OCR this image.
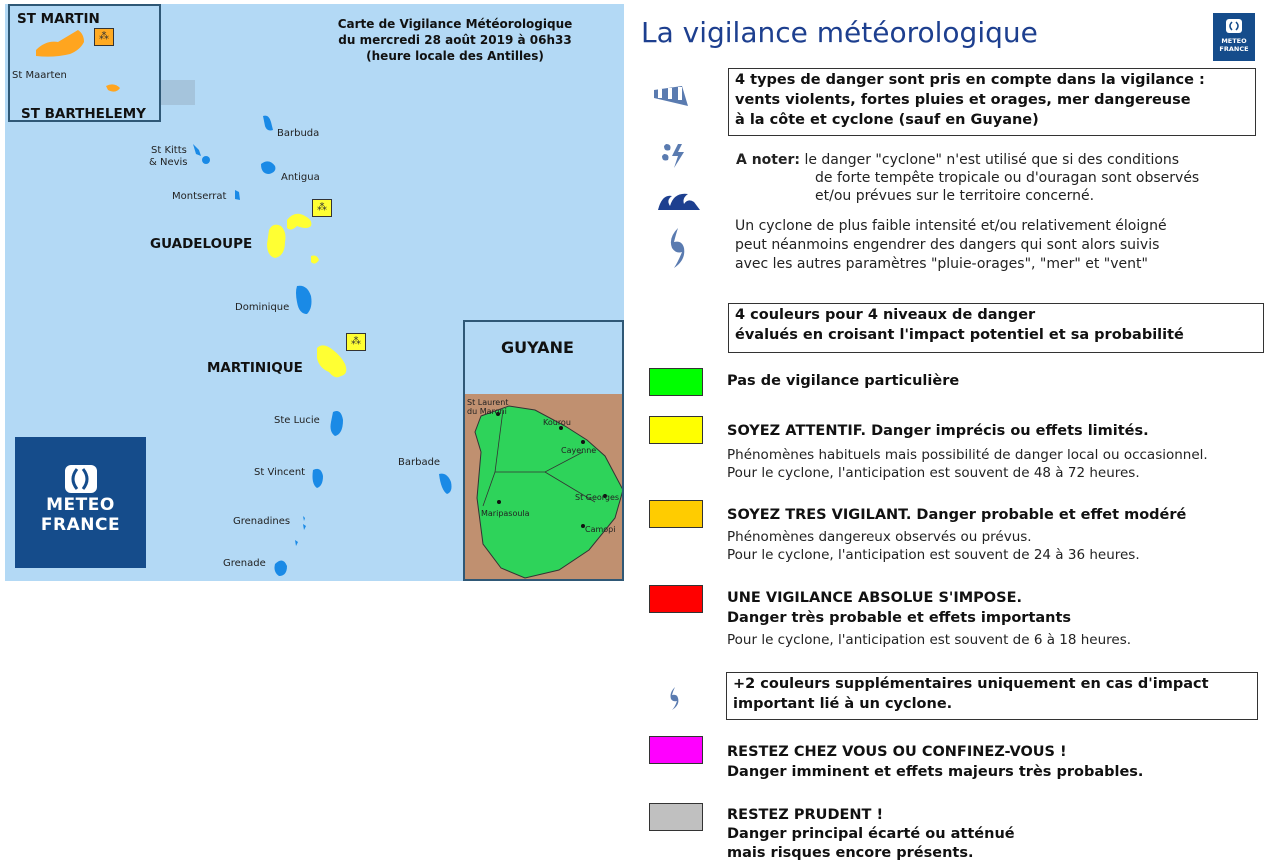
Carte de Vigilance Météorologique
du mercredi 28 août 2019 à 06h33
(heure locale des Antilles)
ST MARTIN
⁂
St Maarten
ST BARTHELEMY
Barbuda
St Kitts
& Nevis
Antigua
Montserrat
Dominique
Ste Lucie
St Vincent
Barbade
Grenadines
Grenade
GUADELOUPE
MARTINIQUE
⁂
⁂	GUYANE
St Laurent
du Maroni
Kourou
Cayenne
St Georges
Maripasoula
Camopi
METEO
FRANCE
La vigilance météorologique	METEO
FRANCE
4 types de danger sont pris en compte dans la vigilance :
vents violents, fortes pluies et orages, mer dangereuse
à la côte et cyclone (sauf en Guyane)
A noter: le danger "cyclone" n'est utilisé que si des conditions
de forte tempête tropicale ou d'ouragan sont observés
et/ou prévues sur le territoire concerné.
Un cyclone de plus faible intensité et/ou relativement éloigné
peut néanmoins engendrer des dangers qui sont alors suivis
avec les autres paramètres "pluie-orages", "mer" et "vent"
4 couleurs pour 4 niveaux de danger
évalués en croisant l'impact potentiel et sa probabilité
Pas de vigilance particulière
SOYEZ ATTENTIF. Danger imprécis ou effets limités.
Phénomènes habituels mais possibilité de danger local ou occasionnel.
Pour le cyclone, l'anticipation est souvent de 48 à 72 heures.
SOYEZ TRES VIGILANT. Danger probable et effet modéré
Phénomènes dangereux observés ou prévus.
Pour le cyclone, l'anticipation est souvent de 24 à 36 heures.
UNE VIGILANCE ABSOLUE S'IMPOSE.
Danger très probable et effets importants
Pour le cyclone, l'anticipation est souvent de 6 à 18 heures.
+2 couleurs supplémentaires uniquement en cas d'impact
important lié à un cyclone.
RESTEZ CHEZ VOUS OU CONFINEZ-VOUS !
Danger imminent et effets majeurs très probables.
RESTEZ PRUDENT !
Danger principal écarté ou atténué
mais risques encore présents.
